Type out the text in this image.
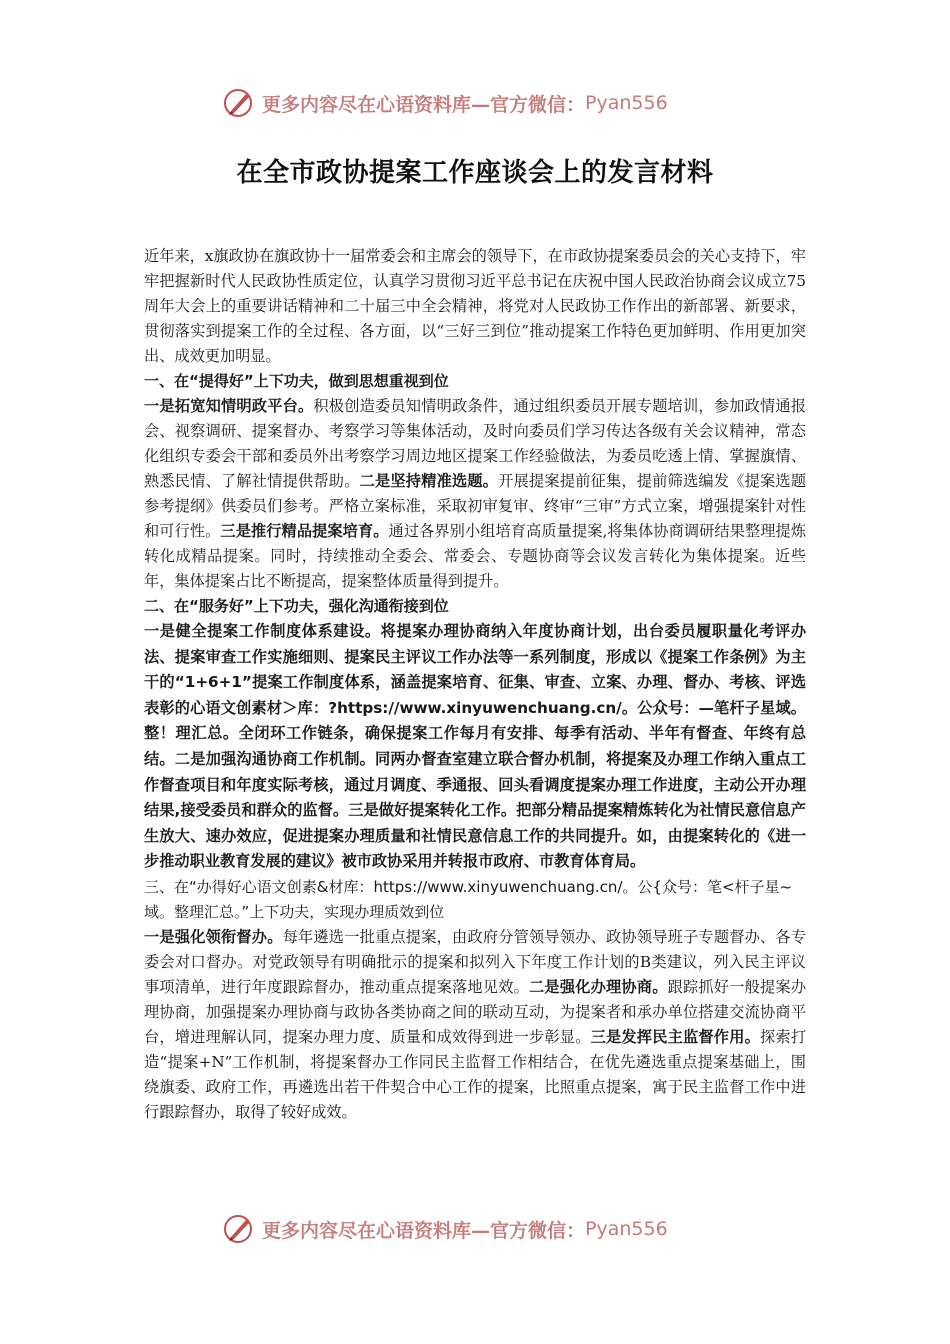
更多内容尽在心语资料库—官方微信： Pyan556
在全市政协提案工作座谈会上的发言材料

近年来，x旗政协在旗政协十一届常委会和主席会的领导下，在市政协提案委员会的关心支持下，牢牢把握新时代人民政协性质定位，认真学习贯彻习近平总书记在庆祝中国人民政治协商会议成立75周年大会上的重要讲话精神和二十届三中全会精神，将党对人民政协工作作出的新部署、新要求，贯彻落实到提案工作的全过程、各方面，以“三好三到位”推动提案工作特色更加鲜明、作用更加突出、成效更加明显。

一、在“提得好”上下功夫，做到思想重视到位

一是拓宽知情明政平台。积极创造委员知情明政条件，通过组织委员开展专题培训，参加政情通报会、视察调研、提案督办、考察学习等集体活动，及时向委员们学习传达各级有关会议精神，常态化组织专委会干部和委员外出考察学习周边地区提案工作经验做法，为委员吃透上情、掌握旗情、熟悉民情、了解社情提供帮助。二是坚持精准选题。开展提案提前征集，提前筛选编发《提案选题参考提纲》供委员们参考。严格立案标准，采取初审复审、终审“三审”方式立案，增强提案针对性和可行性。三是推行精品提案培育。通过各界别小组培育高质量提案,将集体协商调研结果整理提炼转化成精品提案。同时，持续推动全委会、常委会、专题协商等会议发言转化为集体提案。近些年，集体提案占比不断提高，提案整体质量得到提升。

二、在“服务好”上下功夫，强化沟通衔接到位

一是健全提案工作制度体系建设。将提案办理协商纳入年度协商计划，出台委员履职量化考评办法、提案审查工作实施细则、提案民主评议工作办法等一系列制度，形成以《提案工作条例》为主干的“1+6+1”提案工作制度体系，涵盖提案培育、征集、审查、立案、办理、督办、考核、评选表彰的心语文创素材＞库：?https://www.xinyuwenchuang.cn/。公众号：—笔杆子星域。整！理汇总。全闭环工作链条，确保提案工作每月有安排、每季有活动、半年有督查、年终有总结。二是加强沟通协商工作机制。同两办督查室建立联合督办机制，将提案及办理工作纳入重点工作督查项目和年度实际考核，通过月调度、季通报、回头看调度提案办理工作进度，主动公开办理结果,接受委员和群众的监督。三是做好提案转化工作。把部分精品提案精炼转化为社情民意信息产生放大、速办效应，促进提案办理质量和社情民意信息工作的共同提升。如，由提案转化的《进一步推动职业教育发展的建议》被市政协采用并转报市政府、市教育体育局。

三、在“办得好心语文创素&材库：https://www.xinyuwenchuang.cn/。公{众号：笔<杆子星~域。整理汇总。”上下功夫，实现办理质效到位

一是强化领衔督办。每年遴选一批重点提案，由政府分管领导领办、政协领导班子专题督办、各专委会对口督办。对党政领导有明确批示的提案和拟列入下年度工作计划的B类建议，列入民主评议事项清单，进行年度跟踪督办，推动重点提案落地见效。二是强化办理协商。跟踪抓好一般提案办理协商，加强提案办理协商与政协各类协商之间的联动互动，为提案者和承办单位搭建交流协商平台，增进理解认同，提案办理力度、质量和成效得到进一步彰显。三是发挥民主监督作用。探索打造“提案+N”工作机制，将提案督办工作同民主监督工作相结合，在优先遴选重点提案基础上，围绕旗委、政府工作，再遴选出若干件契合中心工作的提案，比照重点提案，寓于民主监督工作中进行跟踪督办，取得了较好成效。

更多内容尽在心语资料库—官方微信： Pyan556
